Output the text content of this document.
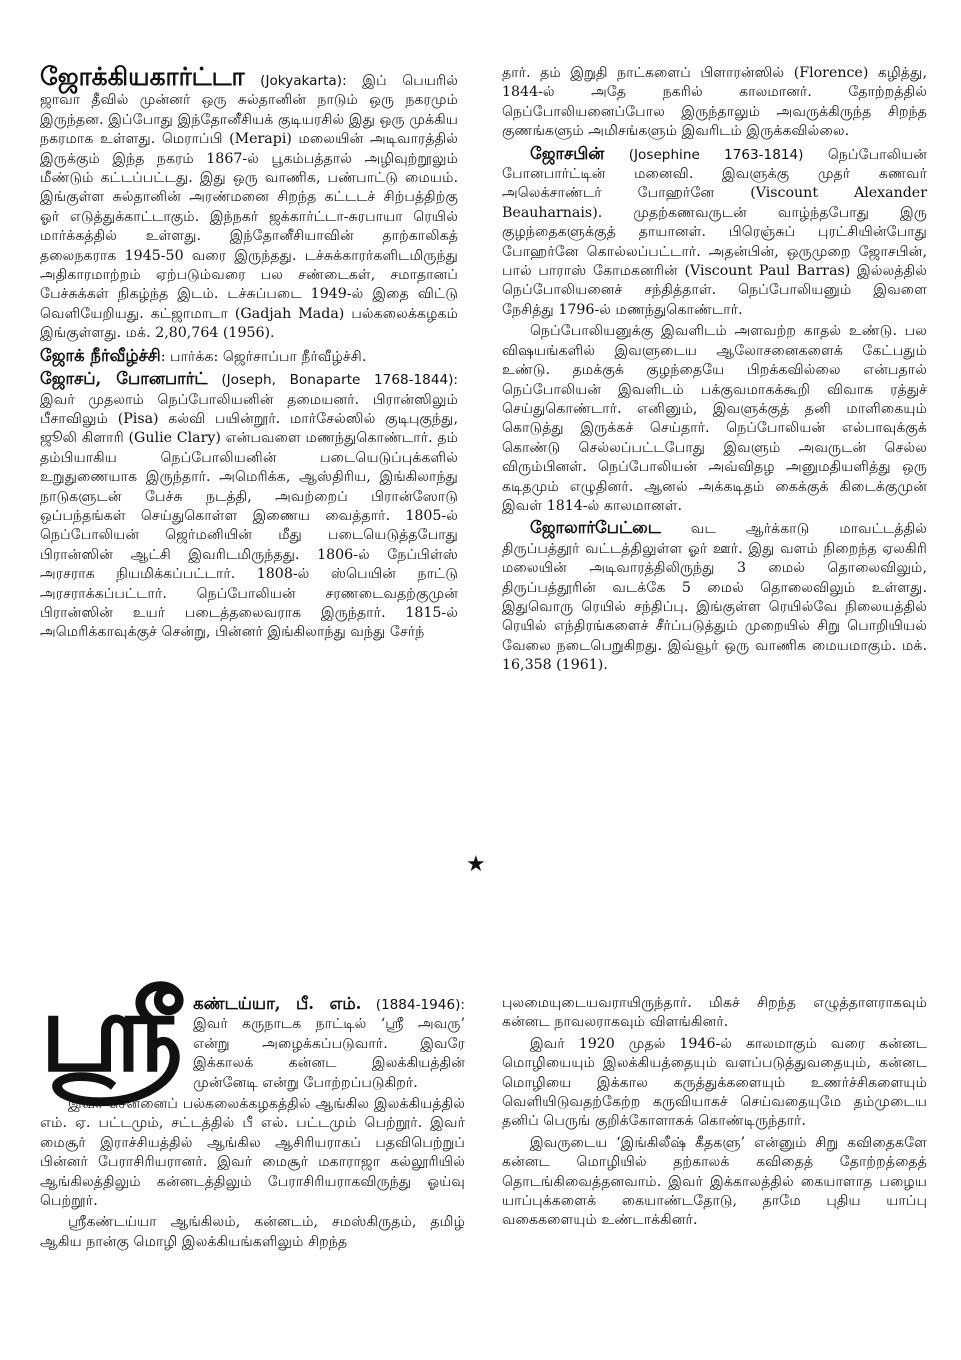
ஜோக்கியகார்ட்டா (Jokyakarta): இப் பெயரில் ஜாவா தீவில் முன்னர் ஒரு சுல்தானின் நாடும் ஒரு நகரமும் இருந்தன. இப்போது இந்தோனீசியக் குடியரசில் இது ஒரு முக்கிய நகரமாக உள்ளது. மெராப்பி (Merapi) மலையின் அடிவாரத்தில் இருக்கும் இந்த நகரம் 1867-ல் பூகம்பத்தால் அழிவுற்றூலும் மீண்டும் கட்டப்பட்டது. இது ஒரு வாணிக, பண்பாட்டு மையம். இங்குள்ள சுல்தானின் அரண்மனை சிறந்த கட்டடச் சிற்பத்திற்கு ஓர் எடுத்துக்காட்டாகும். இந்நகர் ஜக்கார்ட்டா-சுரபாயா ரெயில் மார்க்கத்தில் உள்ளது. இந்தோனீசியாவின் தாற்காலிகத் தலைநகராக 1945-50 வரை இருந்தது. டச்சுக்காரர்களிடமிருந்து அதிகாரமாற்றம் ஏற்படும்வரை பல சண்டைகள், சமாதானப் பேச்சுக்கள் நிகழ்ந்த இடம். டச்சுப்படை 1949-ல் இதை விட்டு வெளியேறியது. கட்ஜாமாடா (Gadjah Mada) பல்கலைக்கழகம் இங்குள்ளது. மக். 2,80,764 (1956).

ஜோக் நீர்வீழ்ச்சி: பார்க்க: ஜெர்சாப்பா நீர்வீழ்ச்சி.

ஜோசப், போனபார்ட் (Joseph, Bonaparte 1768-1844): இவர் முதலாம் நெப்போலியனின் தமையனர். பிரான்ஸிலும் பீசாவிலும் (Pisa) கல்வி பயின்றூர். மார்சேல்ஸில் குடிபுகுந்து, ஜூலி கிளாரி (Gulie Clary) என்பவளை மணந்துகொண்டார். தம் தம்பியாகிய நெப்போலியனின் படையெடுப்புக்களில் உறுதுணையாக இருந்தார். அமெரிக்க, ஆஸ்திரிய, இங்கிலாந்து நாடுகளுடன் பேச்சு நடத்தி, அவற்றைப் பிரான்ஸோடு ஒப்பந்தங்கள் செய்துகொள்ள இணைய வைத்தார். 1805-ல் நெப்போலியன் ஜெர்மனியின் மீது படையெடுத்தபோது பிரான்ஸின் ஆட்சி இவரிடமிருந்தது. 1806-ல் நேப்பிள்ஸ் அரசராக நியமிக்கப்பட்டார். 1808-ல் ஸ்பெயின் நாட்டு அரசராக்கப்பட்டார். நெப்போலியன் சரணடைவதற்குமுன் பிரான்ஸின் உயர் படைத்தலைவராக இருந்தார். 1815-ல் அமெரிக்காவுக்குச் சென்று, பின்னர் இங்கிலாந்து வந்து சேர்ந்

தார். தம் இறுதி நாட்களைப் பிளாரன்ஸில் (Florence) கழித்து, 1844-ல் அதே நகரில் காலமானர். தோற்றத்தில் நெப்போலியனைப்போல இருந்தாலும் அவருக்கிருந்த சிறந்த குணங்களும் அமிசங்களும் இவரிடம் இருக்கவில்லை.

ஜோசபின் (Josephine 1763-1814) நெப்போலியன் போனபார்ட்டின் மனைவி. இவளுக்கு முதர் கணவர் அலெக்சாண்டர் போஹர்னே (Viscount Alexander Beauharnais). முதற்கணவருடன் வாழ்ந்தபோது இரு குழந்தைகளுக்குத் தாயானள். பிரெஞ்சுப் புரட்சியின்போது போஹர்னே கொல்லப்பட்டார். அதன்பின், ஒருமுறை ஜோசபின், பால் பாராஸ் கோமகனரின் (Viscount Paul Barras) இல்லத்தில் நெப்போலியனைச் சந்தித்தாள். நெப்போலியனும் இவளை நேசித்து 1796-ல் மணந்துகொண்டார்.

நெப்போலியனுக்கு இவளிடம் அளவற்ற காதல் உண்டு. பல விஷயங்களில் இவளுடைய ஆலோசனைகளைக் கேட்பதும் உண்டு. தமக்குக் குழந்தையே பிறக்கவில்லை என்பதால் நெப்போலியன் இவளிடம் பக்குவமாகக்கூறி விவாக ரத்துச் செய்துகொண்டார். எனினும், இவளுக்குத் தனி மாளிகையும் கொடுத்து இருக்கச் செய்தார். நெப்போலியன் எல்பாவுக்குக் கொண்டு செல்லப்பட்டபோது இவளும் அவருடன் செல்ல விரும்பினள். நெப்போலியன் அவ்விதழ அனுமதியளித்து ஒரு கடிதமும் எழுதினர். ஆனல் அக்கடிதம் கைக்குக் கிடைக்குமுன் இவள் 1814-ல் காலமானள்.

ஜோலார்பேட்டை வட ஆர்க்காடு மாவட்டத்தில் திருப்பத்தூர் வட்டத்திலுள்ள ஓர் ஊர். இது வளம் நிறைந்த ஏலகிரி மலையின் அடிவாரத்திலிருந்து 3 மைல் தொலைவிலும், திருப்பத்தூரின் வடக்கே 5 மைல் தொலைவிலும் உள்ளது. இதுவொரு ரெயில் சந்திப்பு. இங்குள்ள ரெயில்வே நிலையத்தில் ரெயில் எந்திரங்களைச் சீர்ப்படுத்தும் முறையில் சிறு பொறியியல் வேலை நடைபெறுகிறது. இவ்வூர் ஒரு வாணிக மையமாகும். மக். 16,358 (1961).

★
ஸ்ரீ கண்டய்யா, பீ. எம். (1884-1946): இவர் கருநாடக நாட்டில் ‘ஸ்ரீ அவரு’ என்று அழைக்கப்படுவார். இவரே இக்காலக் கன்னட இலக்கியத்தின் முன்னேடி என்று போற்றப்படுகிறர்.

இவர் சென்னைப் பல்கலைக்கழகத்தில் ஆங்கில இலக்கியத்தில் எம். ஏ. பட்டமும், சட்டத்தில் பீ எல். பட்டமும் பெற்றூர். இவர் மைசூர் இராச்சியத்தில் ஆங்கில ஆசிரியராகப் பதவிபெற்றுப் பின்னர் பேராசிரியரானர். இவர் மைசூர் மகாராஜா கல்லூரியில் ஆங்கிலத்திலும் கன்னடத்திலும் பேராசிரியராகவிருந்து ஓய்வு பெற்றூர்.

ஸ்ரீகண்டய்யா ஆங்கிலம், கன்னடம், சமஸ்கிருதம், தமிழ் ஆகிய நான்கு மொழி இலக்கியங்களிலும் சிறந்த

புலமையுடையவராயிருந்தார். மிகச் சிறந்த எழுத்தாளராகவும் கன்னட நாவலராகவும் விளங்கினர்.

இவர் 1920 முதல் 1946-ல் காலமாகும் வரை கன்னட மொழியையும் இலக்கியத்தையும் வளப்படுத்துவதையும், கன்னட மொழியை இக்கால கருத்துக்களையும் உணர்ச்சிகளையும் வெளியிடுவதற்கேற்ற கருவியாகச் செய்வதையுமே தம்முடைய தனிப் பெருங் குறிக்கோளாகக் கொண்டிருந்தார்.

இவருடைய ‘இங்கிலீஷ் கீதகளு’ என்னும் சிறு கவிதைகளே கன்னட மொழியில் தற்காலக் கவிதைத் தோற்றத்தைத் தொடங்கிவைத்தனவாம். இவர் இக்காலத்தில் கையாளாத பழைய யாப்புக்களைக் கையாண்டதோடு, தாமே புதிய யாப்பு வகைகளையும் உண்டாக்கினர்.
